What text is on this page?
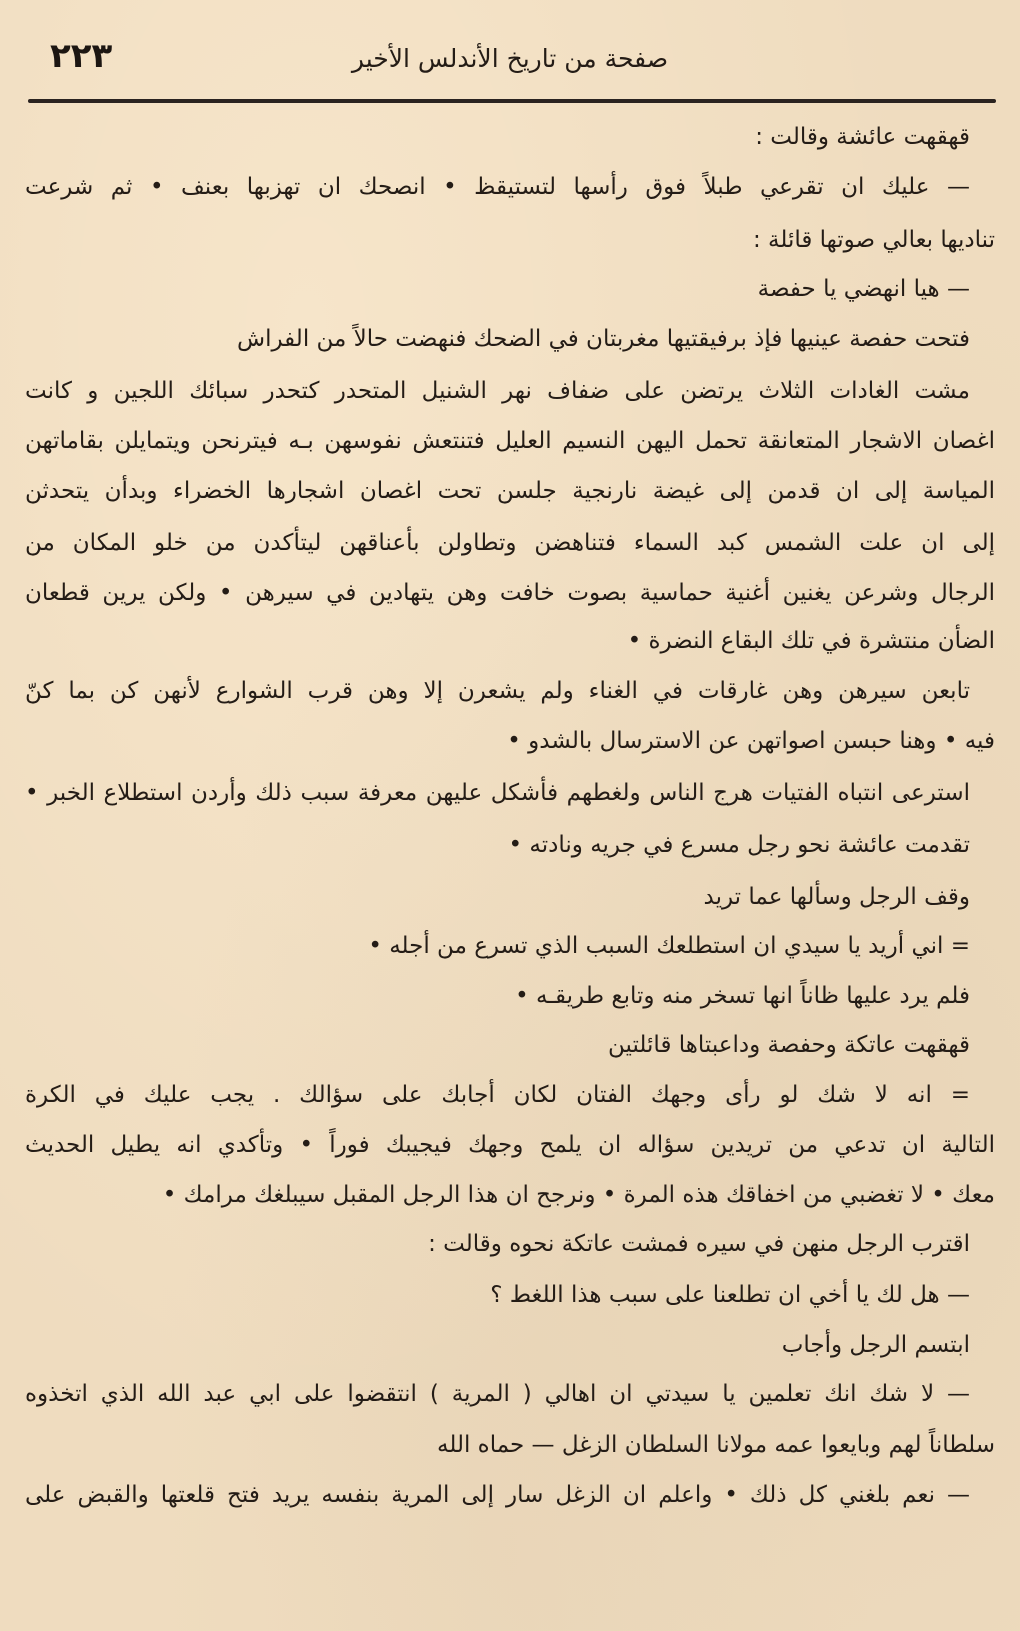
٢٢٣	صفحة من تاريخ الأندلس الأخير
قهقهت عائشة وقالت :
— عليك ان تقرعي طبلاً فوق رأسها لتستيقظ • انصحك ان تهزبها بعنف • ثم شرعت
تناديها بعالي صوتها قائلة :
— هيا انهضي يا حفصة
فتحت حفصة عينيها فإذ برفيقتيها مغربتان في الضحك فنهضت حالاً من الفراش
مشت الغادات الثلاث يرتضن على ضفاف نهر الشنيل المتحدر كتحدر سبائك اللجين و كانت
اغصان الاشجار المتعانقة تحمل اليهن النسيم العليل فتنتعش نفوسهن بـه فيترنحن ويتمايلن بقاماتهن
المياسة إلى ان قدمن إلى غيضة نارنجية جلسن تحت اغصان اشجارها الخضراء وبدأن يتحدثن
إلى ان علت الشمس كبد السماء فتناهضن وتطاولن بأعناقهن ليتأكدن من خلو المكان من
الرجال وشرعن يغنين أغنية حماسية بصوت خافت وهن يتهادين في سيرهن • ولكن يرين قطعان
الضأن منتشرة في تلك البقاع النضرة •
تابعن سيرهن وهن غارقات في الغناء ولم يشعرن إلا وهن قرب الشوارع لأنهن كن بما كنّ
فيه • وهنا حبسن اصواتهن عن الاسترسال بالشدو •
استرعى انتباه الفتيات هرج الناس ولغطهم فأشكل عليهن معرفة سبب ذلك وأردن استطلاع الخبر •
تقدمت عائشة نحو رجل مسرع في جريه ونادته •
وقف الرجل وسألها عما تريد
= اني أريد يا سيدي ان استطلعك السبب الذي تسرع من أجله •
فلم يرد عليها ظاناً انها تسخر منه وتابع طريقـه •
قهقهت عاتكة وحفصة وداعبتاها قائلتين
= انه لا شك لو رأى وجهك الفتان لكان أجابك على سؤالك . يجب عليك في الكرة
التالية ان تدعي من تريدين سؤاله ان يلمح وجهك فيجيبك فوراً • وتأكدي انه يطيل الحديث
معك • لا تغضبي من اخفاقك هذه المرة • ونرجح ان هذا الرجل المقبل سيبلغك مرامك •
اقترب الرجل منهن في سيره فمشت عاتكة نحوه وقالت :
— هل لك يا أخي ان تطلعنا على سبب هذا اللغط ؟
ابتسم الرجل وأجاب
— لا شك انك تعلمين يا سيدتي ان اهالي ( المرية ) انتقضوا على ابي عبد الله الذي اتخذوه
سلطاناً لهم وبايعوا عمه مولانا السلطان الزغل — حماه الله
— نعم بلغني كل ذلك • واعلم ان الزغل سار إلى المرية بنفسه يريد فتح قلعتها والقبض على
